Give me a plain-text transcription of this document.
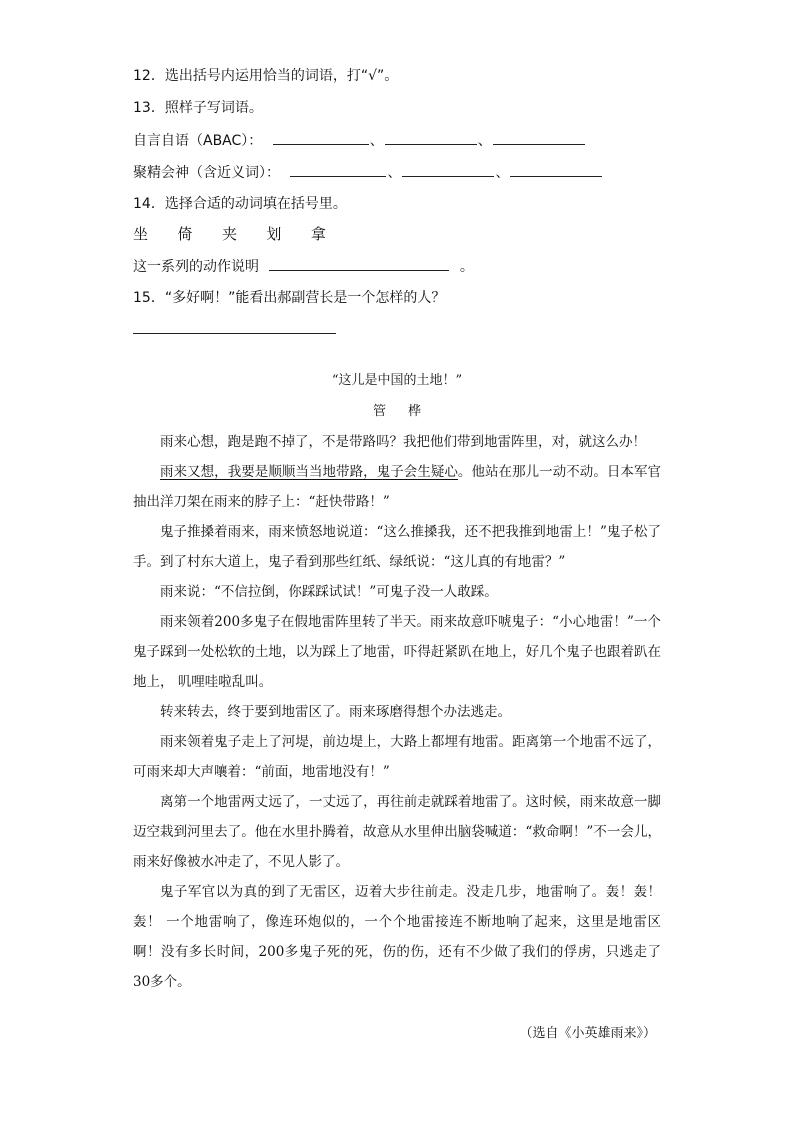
12．选出括号内运用恰当的词语，打“√”。
13．照样子写词语。
自言自语（ABAC）：	、	、
聚精会神（含近义词）：	、	、
14．选择合适的动词填在括号里。
坐 倚 夹 划 拿
这一系列的动作说明	。
15．“多好啊！”能看出郝副营长是一个怎样的人？
“这儿是中国的土地！”
管桦

雨来心想，跑是跑不掉了，不是带路吗？我把他们带到地雷阵里，对，就这么办！

雨来又想，我要是顺顺当当地带路，鬼子会生疑心。他站在那儿一动不动。日本军官抽出洋刀架在雨来的脖子上：“赶快带路！”

鬼子推搡着雨来，雨来愤怒地说道：“这么推搡我，还不把我推到地雷上！”鬼子松了手。到了村东大道上，鬼子看到那些红纸、绿纸说：“这儿真的有地雷？”

雨来说：“不信拉倒，你踩踩试试！”可鬼子没一人敢踩。

雨来领着200多鬼子在假地雷阵里转了半天。雨来故意吓唬鬼子：“小心地雷！”一个鬼子踩到一处松软的土地，以为踩上了地雷，吓得赶紧趴在地上，好几个鬼子也跟着趴在地上， 叽哩哇啦乱叫。

转来转去，终于要到地雷区了。雨来琢磨得想个办法逃走。

雨来领着鬼子走上了河堤，前边堤上，大路上都埋有地雷。距离第一个地雷不远了，可雨来却大声嚷着：“前面，地雷地没有！”

离第一个地雷两丈远了，一丈远了，再往前走就踩着地雷了。这时候，雨来故意一脚迈空栽到河里去了。他在水里扑腾着，故意从水里伸出脑袋喊道：“救命啊！”不一会儿，雨来好像被水冲走了，不见人影了。

鬼子军官以为真的到了无雷区，迈着大步往前走。没走几步，地雷响了。轰！轰！轰！ 一个地雷响了，像连环炮似的，一个个地雷接连不断地响了起来，这里是地雷区啊！没有多长时间，200多鬼子死的死，伤的伤，还有不少做了我们的俘虏，只逃走了30多个。

（选自《小英雄雨来》）
